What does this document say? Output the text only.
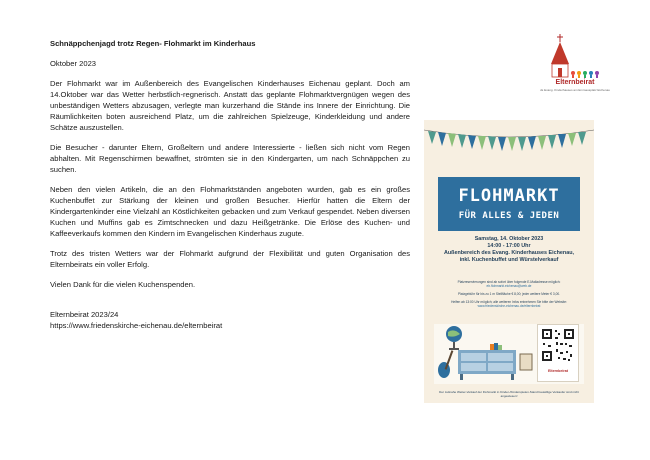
Schnäppchenjagd trotz Regen- Flohmarkt im Kinderhaus

Oktober 2023

Der Flohmarkt war im Außenbereich des Evangelischen Kinderhauses Eichenau geplant. Doch am 14.Oktober war das Wetter herbstlich-regnerisch. Anstatt das geplante Flohmarktvergnügen wegen des unbeständigen Wetters abzusagen, verlegte man kurzerhand die Stände ins Innere der Einrichtung. Die Räumlichkeiten boten ausreichend Platz, um die zahlreichen Spielzeuge, Kinderkleidung und andere Schätze auszustellen.

Die Besucher - darunter Eltern, Großeltern und andere Interessierte - ließen sich nicht vom Regen abhalten. Mit Regenschirmen bewaffnet, strömten sie in den Kindergarten, um nach Schnäppchen zu suchen.

Neben den vielen Artikeln, die an den Flohmarktständen angeboten wurden, gab es ein großes Kuchenbuffet zur Stärkung der kleinen und großen Besucher. Hierfür hatten die Eltern der Kindergartenkinder eine Vielzahl an Köstlichkeiten gebacken und zum Verkauf gespendet. Neben diversen Kuchen und Muffins gab es Zimtschnecken und dazu Heißgetränke. Die Erlöse des Kuchen- und Kaffeeverkaufs kommen den Kindern im Evangelischen Kinderhaus zugute.

Trotz des tristen Wetters war der Flohmarkt aufgrund der Flexibilität und guten Organisation des Elternbeirats ein voller Erfolg.

Vielen Dank für die vielen Kuchenspenden.

Elternbeirat 2023/24

https://www.friedenskirche-eichenau.de/elternbeirat

Elternbeirat
ds Evang. Kinderhauses am Emmausplatz Eichenau
FLOHMARKT
FÜR ALLES & JEDEN
Samstag, 14. Oktober 2023
14:00 - 17:00 Uhr
Außenbereich des Evang. Kinderhauses Eichenau,
inkl. Kuchenbuffet und Würstelverkauf
Platzreservierungen sind ab sofort über folgende E-Mailadresse möglich:
eb.flohmarkt.eichenau@web.de
Platzgebühr für bis zu 1 m Stellfläche € 8,00; jeder weitere Meter € 3,00.
Helfen ab 13:00 Uhr möglich; alle weiteren Infos entnehmen Sie bitte der Website:
www.friedenskirche-eichenau.de/elternbeirat
Elternbeirat
Der zeitnahe Weiter-Verkauf der Flohmarkt in Kinder-/Kinderspielen-Stand bauwillige Verkaufer sind nicht angewiesen!
